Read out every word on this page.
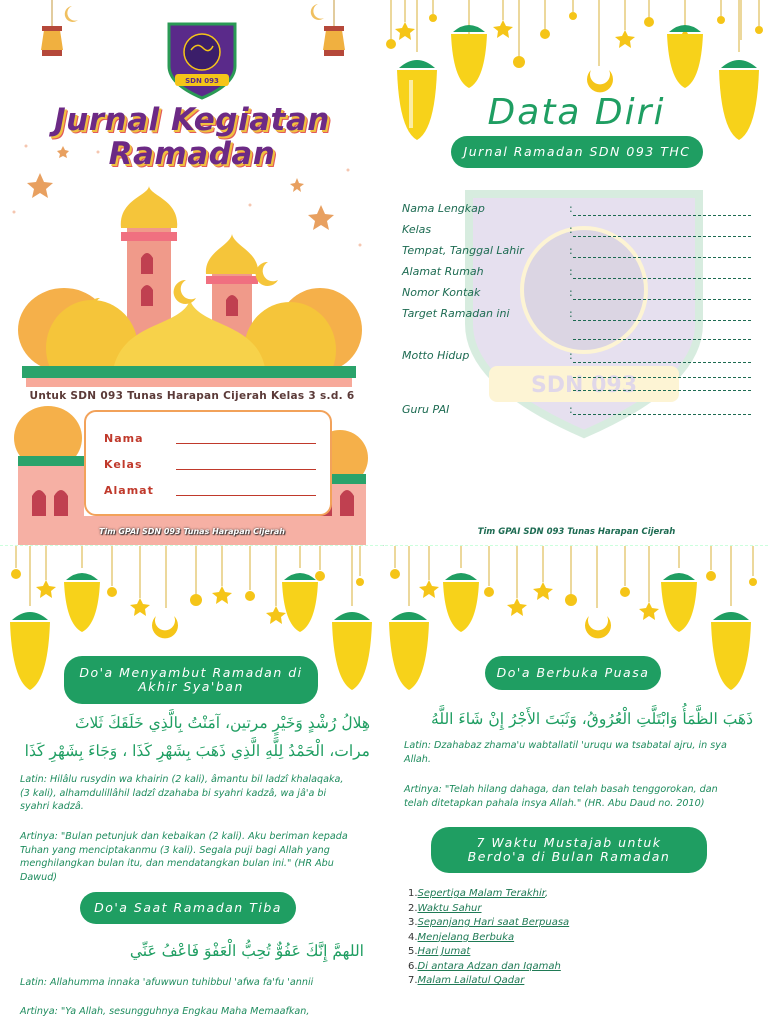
SDN 093
Jurnal Kegiatan
Ramadan
Untuk SDN 093 Tunas Harapan Cijerah Kelas 3 s.d. 6
Nama
Kelas
Alamat
Tim GPAI SDN 093 Tunas Harapan Cijerah
SDN 093
Data Diri
Jurnal Ramadan SDN 093 THC
Nama Lengkap	:
Kelas	:
Tempat, Tanggal Lahir	:
Alamat Rumah	:
Nomor Kontak	:
Target Ramadan ini	:
Motto Hidup	:
Guru PAI	:
Tim GPAI SDN 093 Tunas Harapan Cijerah
Do'a Menyambut Ramadan di Akhir Sya'ban
هِلالُ رُشْدٍ وَخَيْرٍ مرتين، آمَنْتُ بِالَّذِي خَلَقَكَ ثَلاثَ
مرات، الْحَمْدُ لِلَّهِ الَّذِي ذَهَبَ بِشَهْرِ كَذَا ، وَجَاءَ بِشَهْرِ كَذَا
Latin: Hilâlu rusydin wa khairin (2 kali), âmantu bil ladzî khalaqaka, (3 kali), alhamdulillâhil ladzî dzahaba bi syahri kadzâ, wa jâ'a bi syahri kadzâ.
Artinya: "Bulan petunjuk dan kebaikan (2 kali). Aku beriman kepada Tuhan yang menciptakanmu (3 kali). Segala puji bagi Allah yang menghilangkan bulan itu, dan mendatangkan bulan ini." (HR Abu Dawud)
Do'a Saat Ramadan Tiba
اللهمَّ إِنَّكَ عَفُوٌّ تُحِبُّ الْعَفْوَ فَاعْفُ عَنِّي
Latin: Allahumma innaka 'afuwwun tuhibbul 'afwa fa'fu 'annii
Artinya: "Ya Allah, sesungguhnya Engkau Maha Memaafkan,
Do'a Berbuka Puasa
ذَهَبَ الظَّمَأُ وَابْتَلَّتِ الْعُرُوقُ، وَثَبَتَ الأَجْرُ إِنْ شَاءَ اللَّهُ
Latin: Dzahabaz zhama'u wabtallatil 'uruqu wa tsabatal ajru, in sya Allah.
Artinya: "Telah hilang dahaga, dan telah basah tenggorokan, dan telah ditetapkan pahala insya Allah." (HR. Abu Daud no. 2010)
7 Waktu Mustajab untuk Berdo'a di Bulan Ramadan
1.Sepertiga Malam Terakhir,
2.Waktu Sahur
3.Sepanjang Hari saat Berpuasa
4.Menjelang Berbuka
5.Hari Jumat
6.Di antara Adzan dan Iqamah
7.Malam Lailatul Qadar
